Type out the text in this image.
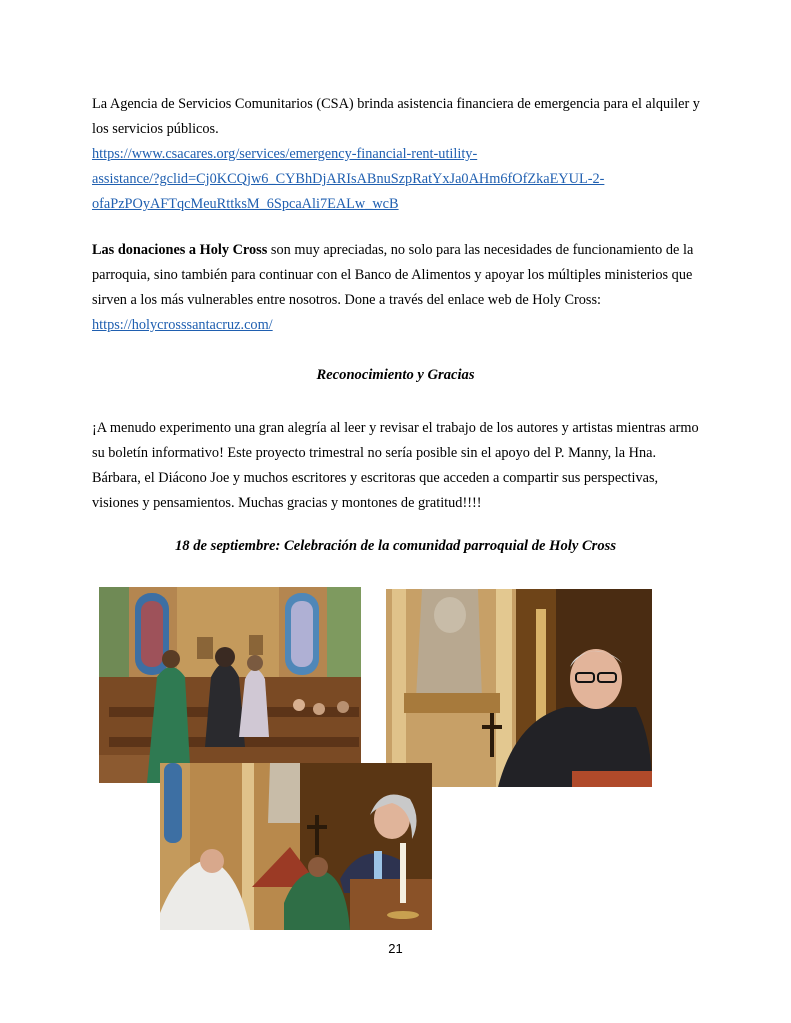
La Agencia de Servicios Comunitarios (CSA) brinda asistencia financiera de emergencia para el alquiler y los servicios públicos.
https://www.csacares.org/services/emergency-financial-rent-utility-
assistance/?gclid=Cj0KCQjw6_CYBhDjARIsABnuSzpRatYxJa0AHm6fOfZkaEYUL-2-
ofaPzPOyAFTqcMeuRttksM_6SpcaAli7EALw_wcB

Las donaciones a Holy Cross son muy apreciadas, no solo para las necesidades de funcionamiento de la parroquia, sino también para continuar con el Banco de Alimentos y apoyar los múltiples ministerios que sirven a los más vulnerables entre nosotros. Done a través del enlace web de Holy Cross:
https://holycrosssantacruz.com/

Reconocimiento y Gracias

¡A menudo experimento una gran alegría al leer y revisar el trabajo de los autores y artistas mientras armo su boletín informativo! Este proyecto trimestral no sería posible sin el apoyo del P. Manny, la Hna. Bárbara, el Diácono Joe y muchos escritores y escritoras que acceden a compartir sus perspectivas, visiones y pensamientos. Muchas gracias y montones de gratitud!!!!

18 de septiembre: Celebración de la comunidad parroquial de Holy Cross

21
